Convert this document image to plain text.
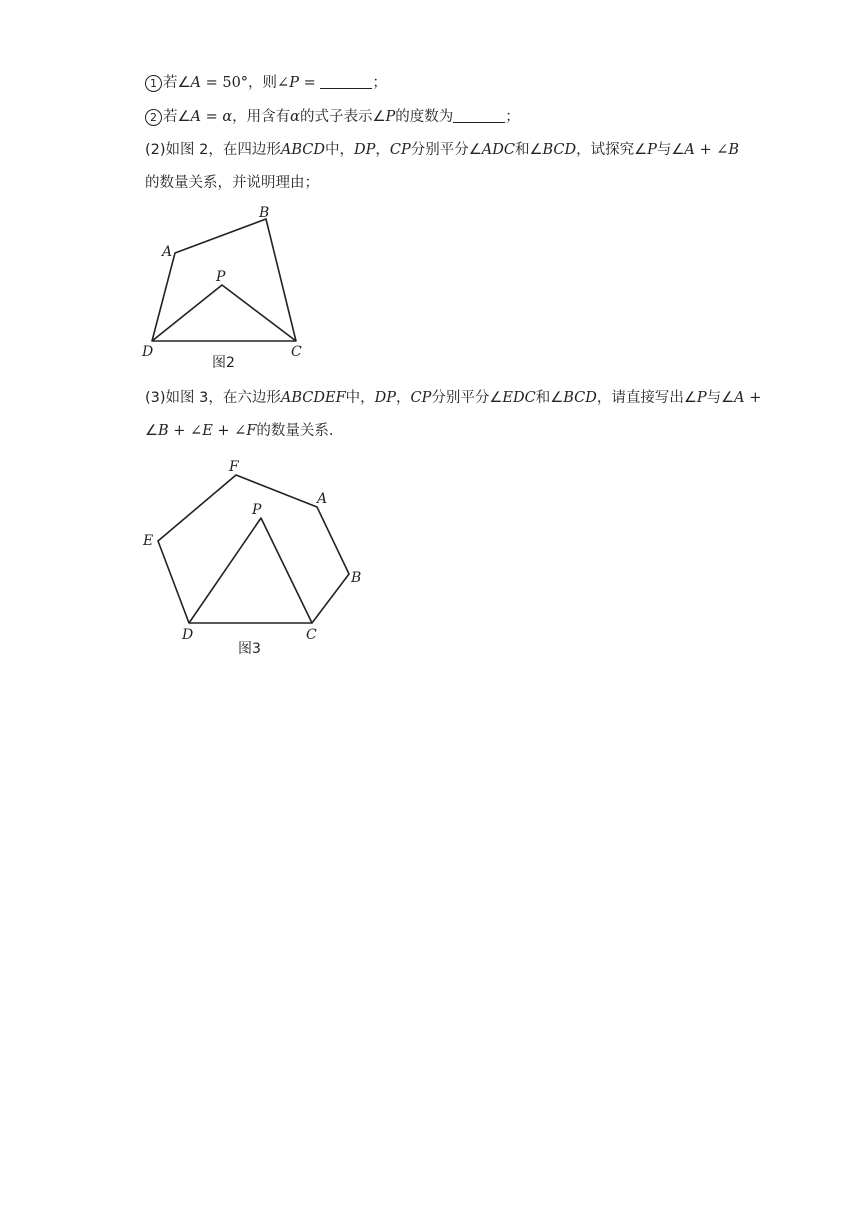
1 若∠A = 50°，则∠P =	；
2 若∠A = α，用含有α的式子表示∠P的度数为	；
(2)如图 2，在四边形ABCD中，DP，CP分别平分∠ADC和∠BCD，试探究∠P与∠A + ∠B
的数量关系，并说明理由；
A
B
P
D	C
图2
(3)如图 3，在六边形ABCDEF中，DP，CP分别平分∠EDC和∠BCD，请直接写出∠P与∠A +
∠B + ∠E + ∠F的数量关系.
F
A
P
E
B
D	C
图3
